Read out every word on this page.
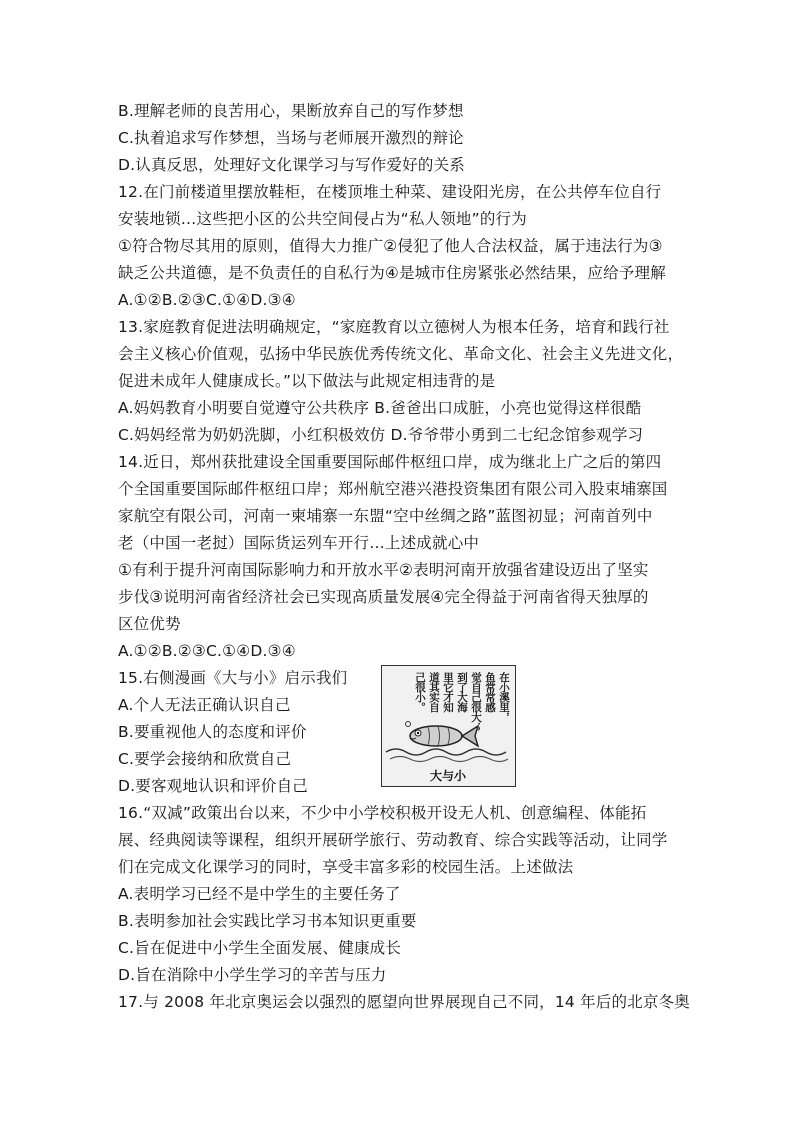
B.理解老师的良苦用心，果断放弃自己的写作梦想
C.执着追求写作梦想，当场与老师展开激烈的辩论
D.认真反思，处理好文化课学习与写作爱好的关系
12.在门前楼道里摆放鞋柜，在楼顶堆土种菜、建设阳光房，在公共停车位自行
安装地锁…这些把小区的公共空间侵占为“私人领地”的行为
①符合物尽其用的原则，值得大力推广②侵犯了他人合法权益，属于违法行为③
缺乏公共道德，是不负责任的自私行为④是城市住房紧张必然结果，应给予理解
A.①②B.②③C.①④D.③④
13.家庭教育促进法明确规定，“家庭教育以立德树人为根本任务，培育和践行社
会主义核心价值观，弘扬中华民族优秀传统文化、革命文化、社会主义先进文化，
促进未成年人健康成长。”以下做法与此规定相违背的是
A.妈妈教育小明要自觉遵守公共秩序 B.爸爸出口成脏，小亮也觉得这样很酷
C.妈妈经常为奶奶洗脚，小红积极效仿 D.爷爷带小勇到二七纪念馆参观学习
14.近日，郑州获批建设全国重要国际邮件枢纽口岸，成为继北上广之后的第四
个全国重要国际邮件枢纽口岸；郑州航空港兴港投资集团有限公司入股束埔寨国
家航空有限公司，河南一柬埔寨一东盟“空中丝绸之路”蓝图初显；河南首列中
老（中国一老挝）国际货运列车开行…上述成就心中
①有利于提升河南国际影响力和开放水平②表明河南开放强省建设迈出了坚实
步伐③说明河南省经济社会已实现高质量发展④完全得益于河南省得天独厚的
区位优势
A.①②B.②③C.①④D.③④
15.右侧漫画《大与小》启示我们
A.个人无法正确认识自己
B.要重视他人的态度和评价
C.要学会接纳和欣赏自己
D.要客观地认识和评价自己
16.“双减”政策出台以来，不少中小学校积极开设无人机、创意编程、体能拓
展、经典阅读等课程，组织开展研学旅行、劳动教育、综合实践等活动，让同学
们在完成文化课学习的同时，享受丰富多彩的校园生活。上述做法
A.表明学习已经不是中学生的主要任务了
B.表明参加社会实践比学习书本知识更重要
C.旨在促进中小学生全面发展、健康成长
D.旨在消除中小学生学习的辛苦与压力
17.与 2008 年北京奥运会以强烈的愿望向世界展现自己不同，14 年后的北京冬奥
在小溪里，
鱼常常感
觉自己很大；
到了大海
里它才知
道其实自
己很小。
大与小
